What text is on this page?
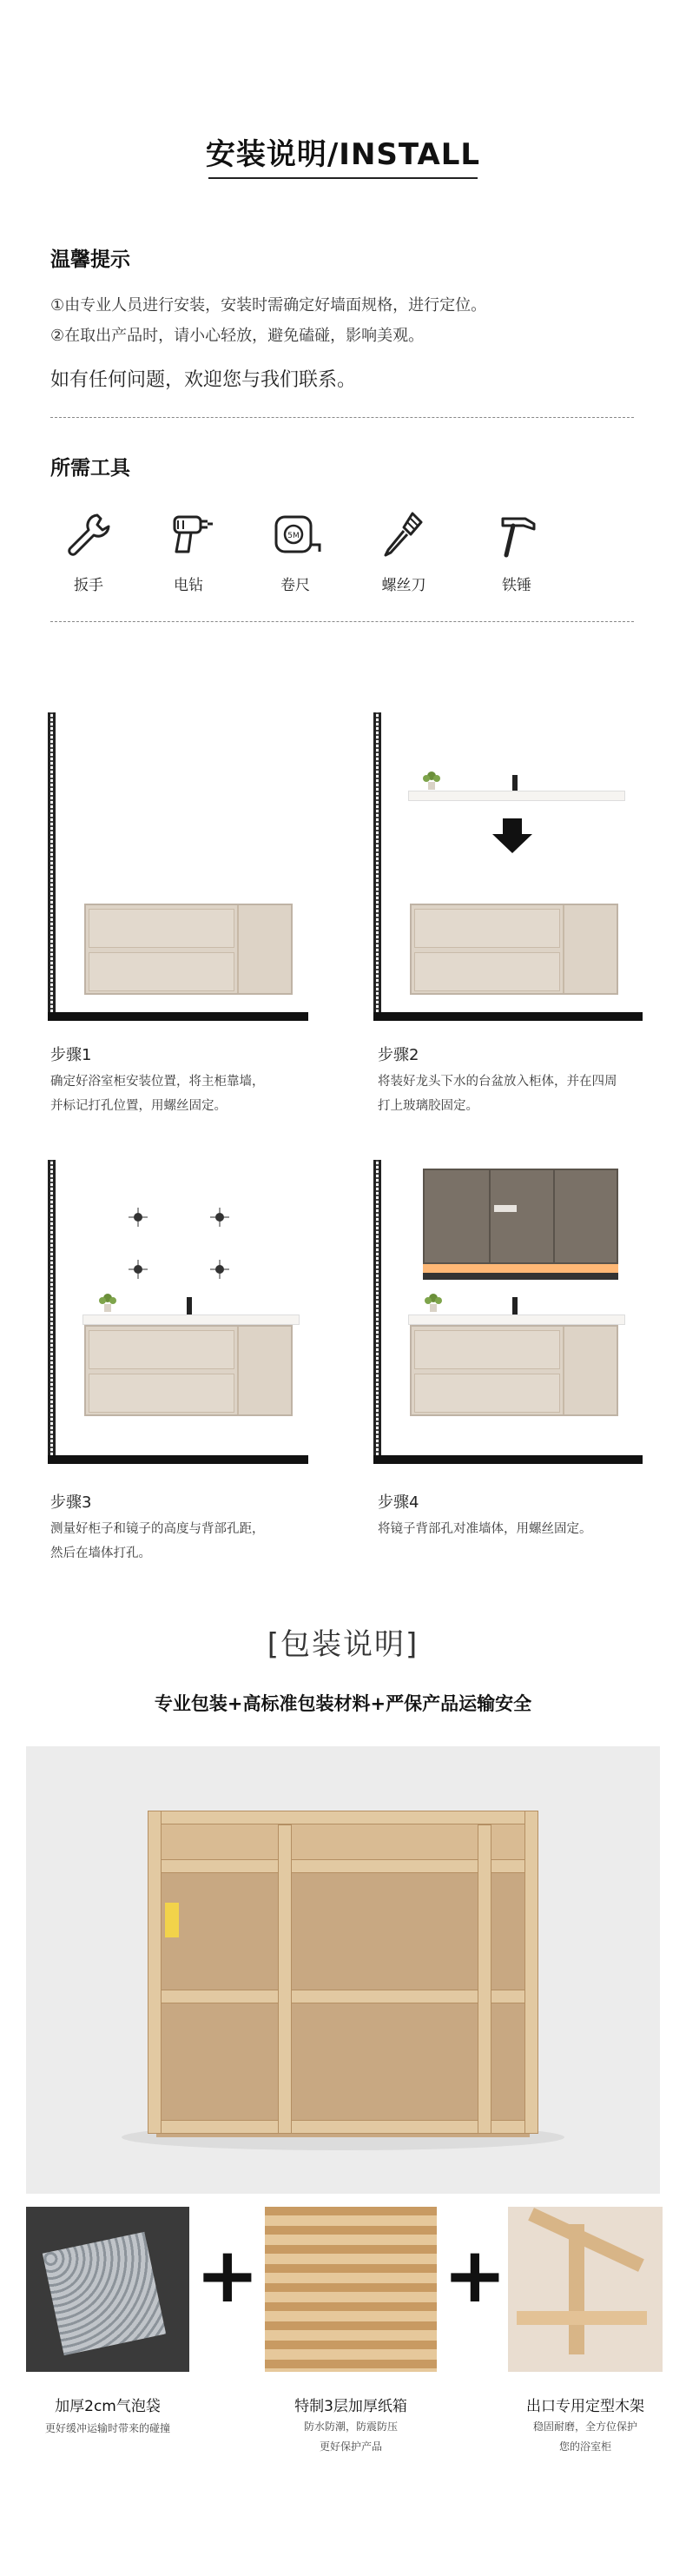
安装说明/INSTALL
温馨提示
①由专业人员进行安装，安装时需确定好墙面规格，进行定位。
②在取出产品时，请小心轻放，避免磕碰，影响美观。
如有任何问题，欢迎您与我们联系。
所需工具
扳手	电钻
5M
卷尺	螺丝刀	铁锤
步骤1
确定好浴室柜安装位置，将主柜靠墙，
并标记打孔位置，用螺丝固定。
步骤2
将装好龙头下水的台盆放入柜体，并在四周
打上玻璃胶固定。
步骤3
测量好柜子和镜子的高度与背部孔距，
然后在墙体打孔。
步骤4
将镜子背部孔对准墙体，用螺丝固定。
[包装说明]
专业包装+高标准包装材料+严保产品运输安全
+ +
加厚2cm气泡袋
更好缓冲运输时带来的碰撞
特制3层加厚纸箱
防水防潮，防震防压
更好保护产品
出口专用定型木架
稳固耐磨，全方位保护
您的浴室柜
